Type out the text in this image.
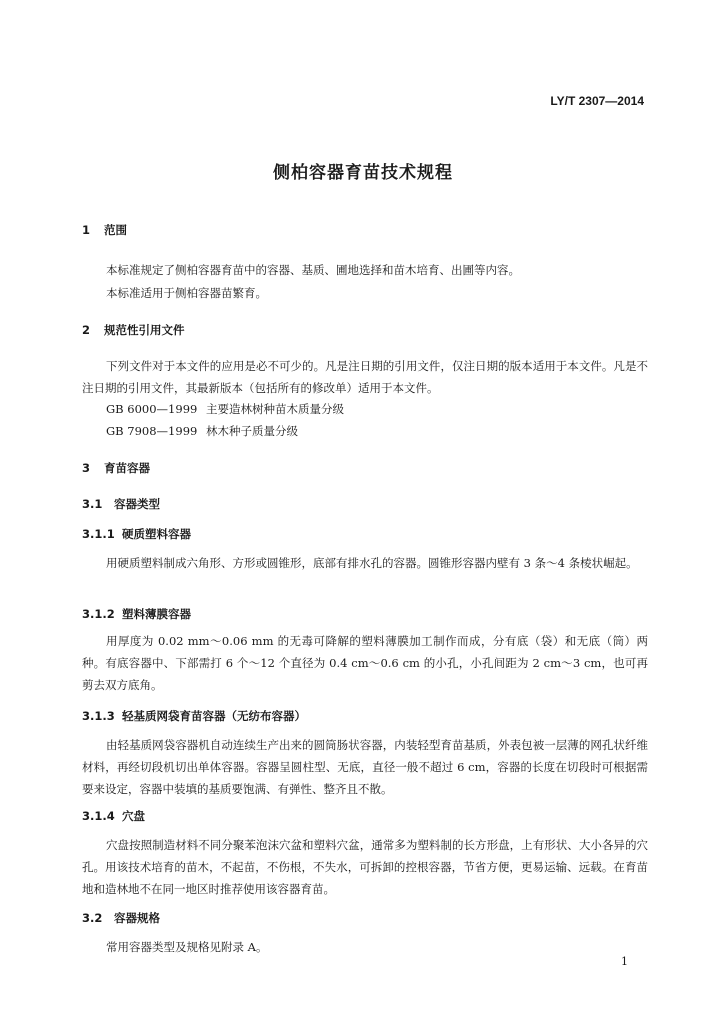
LY/T 2307—2014
侧柏容器育苗技术规程
1 范围
本标准规定了侧柏容器育苗中的容器、基质、圃地选择和苗木培育、出圃等内容。
本标准适用于侧柏容器苗繁育。
2 规范性引用文件
下列文件对于本文件的应用是必不可少的。凡是注日期的引用文件，仅注日期的版本适用于本文件。凡是不注日期的引用文件，其最新版本（包括所有的修改单）适用于本文件。
GB 6000—1999 主要造林树种苗木质量分级
GB 7908—1999 林木种子质量分级
3 育苗容器
3.1 容器类型
3.1.1 硬质塑料容器
用硬质塑料制成六角形、方形或圆锥形，底部有排水孔的容器。圆锥形容器内壁有 3 条～4 条棱状崛起。
3.1.2 塑料薄膜容器
用厚度为 0.02 mm～0.06 mm 的无毒可降解的塑料薄膜加工制作而成，分有底（袋）和无底（筒）两种。有底容器中、下部需打 6 个～12 个直径为 0.4 cm～0.6 cm 的小孔，小孔间距为 2 cm～3 cm，也可再剪去双方底角。
3.1.3 轻基质网袋育苗容器（无纺布容器）
由轻基质网袋容器机自动连续生产出来的圆筒肠状容器，内装轻型育苗基质，外表包被一层薄的网孔状纤维材料，再经切段机切出单体容器。容器呈圆柱型、无底，直径一般不超过 6 cm，容器的长度在切段时可根据需要来设定，容器中装填的基质要饱满、有弹性、整齐且不散。
3.1.4 穴盘
穴盘按照制造材料不同分聚苯泡沫穴盆和塑料穴盆，通常多为塑料制的长方形盘，上有形状、大小各异的穴孔。用该技术培育的苗木，不起苗，不伤根，不失水，可拆卸的控根容器，节省方便，更易运输、远载。在育苗地和造林地不在同一地区时推荐使用该容器育苗。
3.2 容器规格
常用容器类型及规格见附录 A。
1
